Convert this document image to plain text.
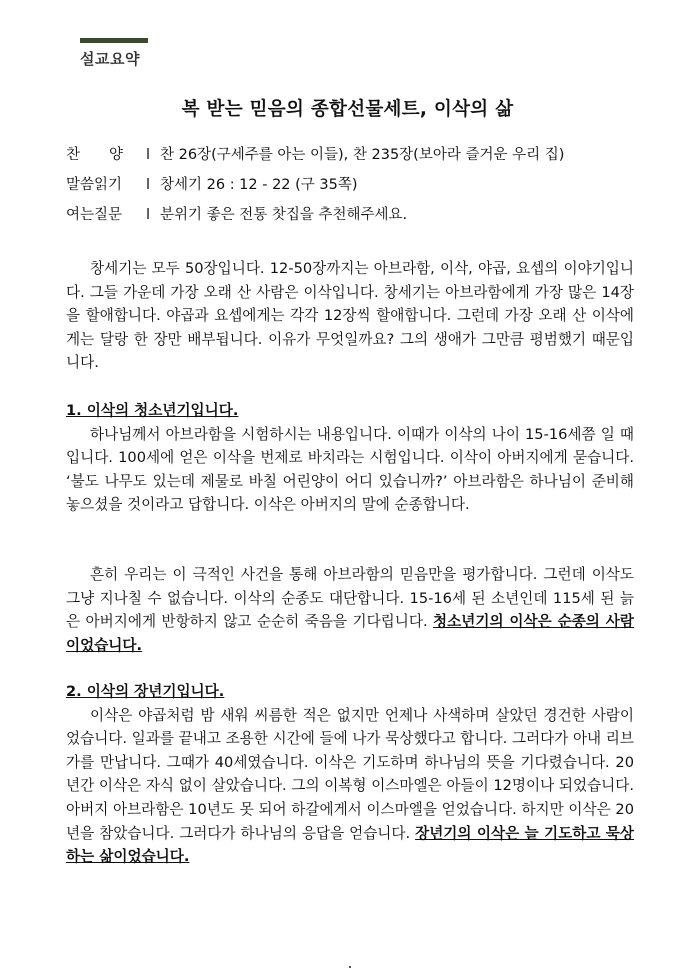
설교요약
복 받는 믿음의 종합선물세트, 이삭의 삶
찬　　양 l 찬 26장(구세주를 아는 이들), 찬 235장(보아라 즐거운 우리 집)
말씀읽기 l 창세기 26 : 12 - 22 (구 35쪽)
여는질문 l 분위기 좋은 전통 찻집을 추천해주세요.
창세기는 모두 50장입니다. 12-50장까지는 아브라함, 이삭, 야곱, 요셉의 이야기입니다. 그들 가운데 가장 오래 산 사람은 이삭입니다. 창세기는 아브라함에게 가장 많은 14장을 할애합니다. 야곱과 요셉에게는 각각 12장씩 할애합니다. 그런데 가장 오래 산 이삭에게는 달랑 한 장만 배부됩니다. 이유가 무엇일까요? 그의 생애가 그만큼 평범했기 때문입니다.

1. 이삭의 청소년기입니다.

하나님께서 아브라함을 시험하시는 내용입니다. 이때가 이삭의 나이 15-16세쯤 일 때입니다. 100세에 얻은 이삭을 번제로 바치라는 시험입니다. 이삭이 아버지에게 묻습니다. ‘불도 나무도 있는데 제물로 바칠 어린양이 어디 있습니까?’ 아브라함은 하나님이 준비해 놓으셨을 것이라고 답합니다. 이삭은 아버지의 말에 순종합니다.

흔히 우리는 이 극적인 사건을 통해 아브라함의 믿음만을 평가합니다. 그런데 이삭도 그냥 지나칠 수 없습니다. 이삭의 순종도 대단합니다. 15-16세 된 소년인데 115세 된 늙은 아버지에게 반항하지 않고 순순히 죽음을 기다립니다. 청소년기의 이삭은 순종의 사람이었습니다.

2. 이삭의 장년기입니다.

이삭은 야곱처럼 밤 새워 씨름한 적은 없지만 언제나 사색하며 살았던 경건한 사람이었습니다. 일과를 끝내고 조용한 시간에 들에 나가 묵상했다고 합니다. 그러다가 아내 리브가를 만납니다. 그때가 40세였습니다. 이삭은 기도하며 하나님의 뜻을 기다렸습니다. 20년간 이삭은 자식 없이 살았습니다. 그의 이복형 이스마엘은 아들이 12명이나 되었습니다. 아버지 아브라함은 10년도 못 되어 하갈에게서 이스마엘을 얻었습니다. 하지만 이삭은 20년을 참았습니다. 그러다가 하나님의 응답을 얻습니다. 장년기의 이삭은 늘 기도하고 묵상하는 삶이었습니다.
